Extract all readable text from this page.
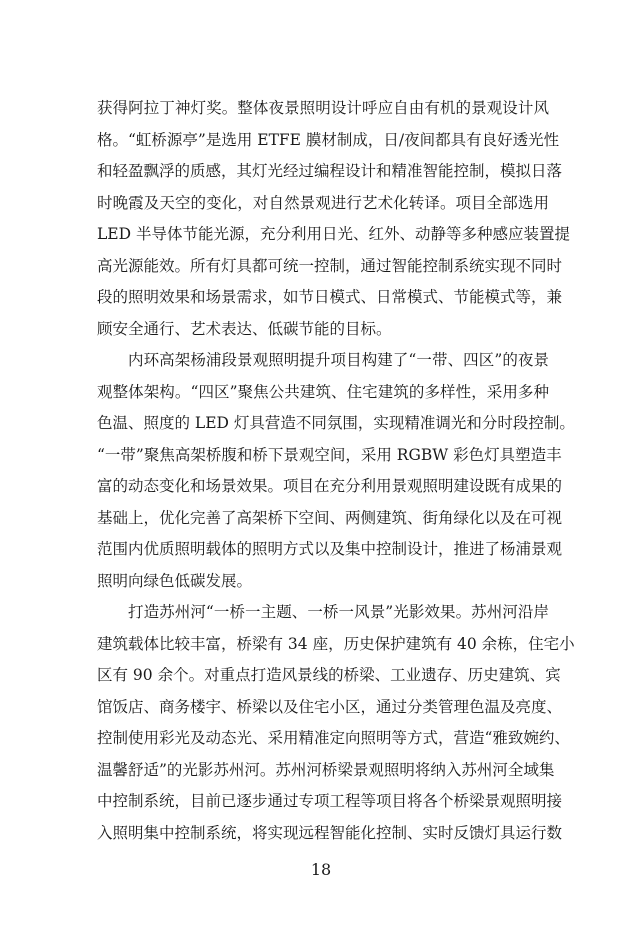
获得阿拉丁神灯奖。整体夜景照明设计呼应自由有机的景观设计风
格。“虹桥源亭”是选用 ETFE 膜材制成，日/夜间都具有良好透光性
和轻盈飘浮的质感，其灯光经过编程设计和精准智能控制，模拟日落
时晚霞及天空的变化，对自然景观进行艺术化转译。项目全部选用
LED 半导体节能光源，充分利用日光、红外、动静等多种感应装置提
高光源能效。所有灯具都可统一控制，通过智能控制系统实现不同时
段的照明效果和场景需求，如节日模式、日常模式、节能模式等，兼
顾安全通行、艺术表达、低碳节能的目标。
内环高架杨浦段景观照明提升项目构建了“一带、四区”的夜景
观整体架构。“四区”聚焦公共建筑、住宅建筑的多样性，采用多种
色温、照度的 LED 灯具营造不同氛围，实现精准调光和分时段控制。
“一带”聚焦高架桥腹和桥下景观空间，采用 RGBW 彩色灯具塑造丰
富的动态变化和场景效果。项目在充分利用景观照明建设既有成果的
基础上，优化完善了高架桥下空间、两侧建筑、街角绿化以及在可视
范围内优质照明载体的照明方式以及集中控制设计，推进了杨浦景观
照明向绿色低碳发展。
打造苏州河“一桥一主题、一桥一风景”光影效果。苏州河沿岸
建筑载体比较丰富，桥梁有 34 座，历史保护建筑有 40 余栋，住宅小
区有 90 余个。对重点打造风景线的桥梁、工业遗存、历史建筑、宾
馆饭店、商务楼宇、桥梁以及住宅小区，通过分类管理色温及亮度、
控制使用彩光及动态光、采用精准定向照明等方式，营造“雅致婉约、
温馨舒适”的光影苏州河。苏州河桥梁景观照明将纳入苏州河全域集
中控制系统，目前已逐步通过专项工程等项目将各个桥梁景观照明接
入照明集中控制系统，将实现远程智能化控制、实时反馈灯具运行数
18
